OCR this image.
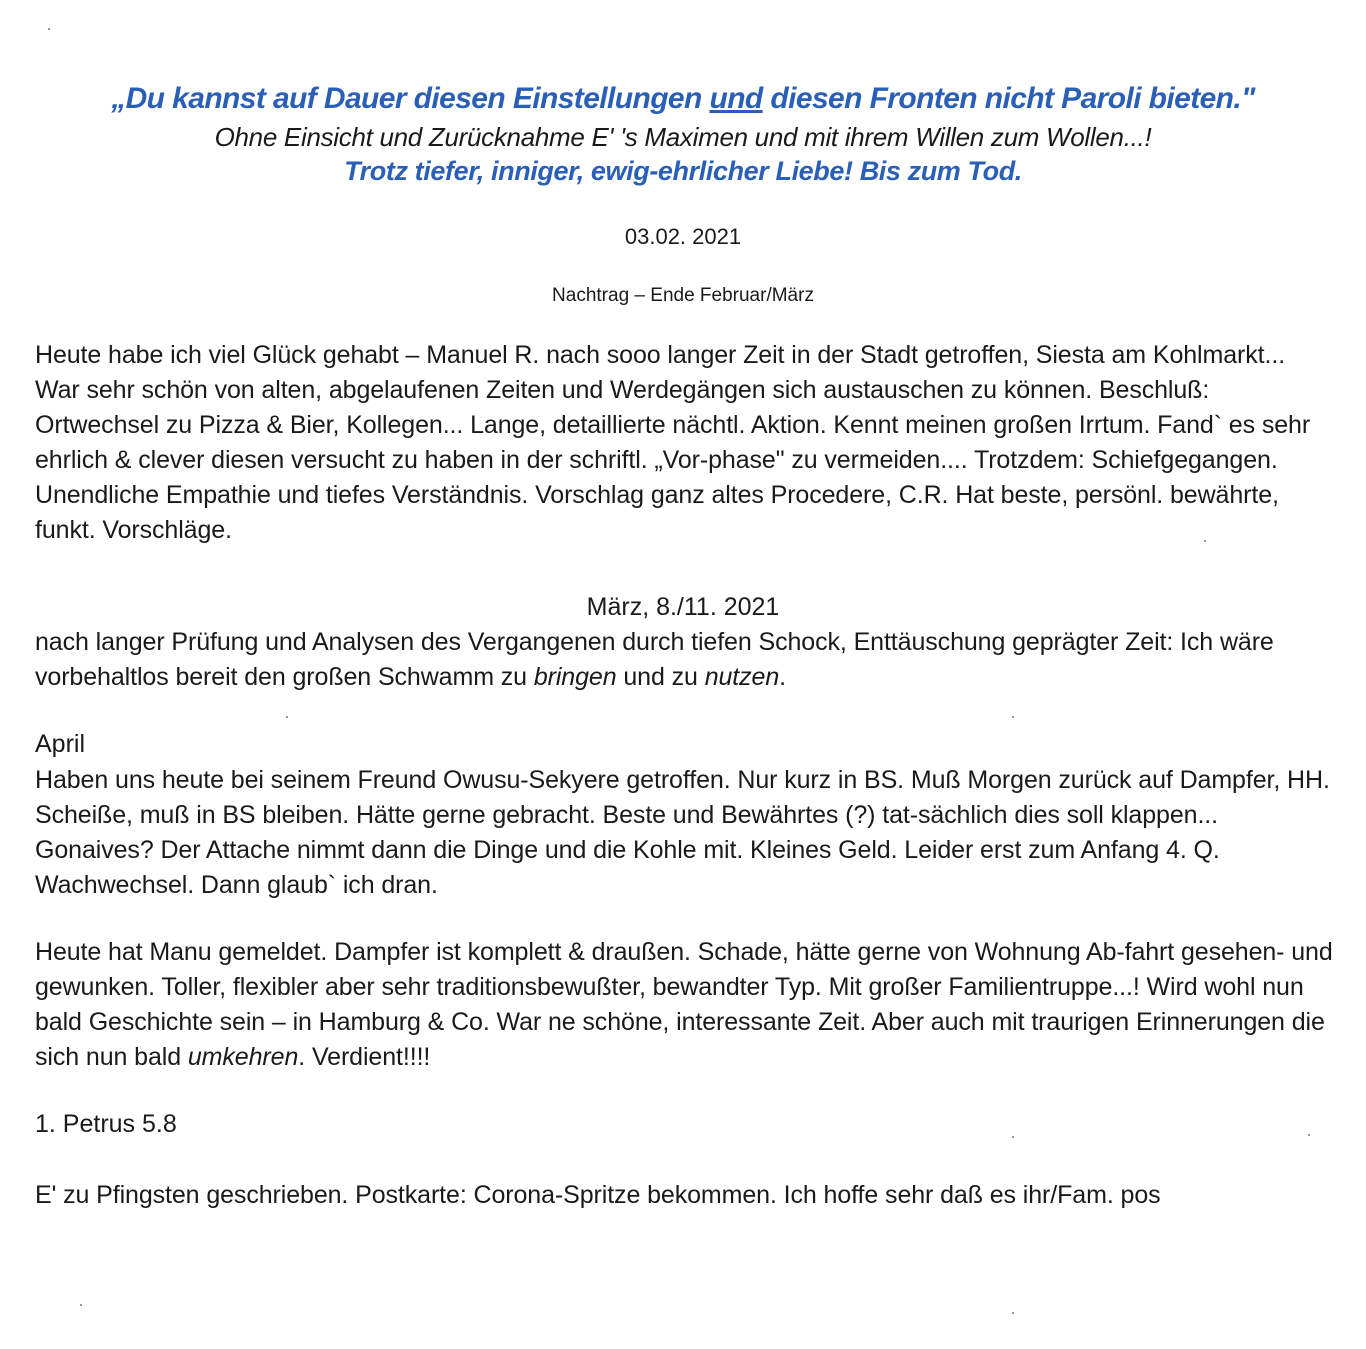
„Du kannst auf Dauer diesen Einstellungen und diesen Fronten nicht Paroli bieten."
Ohne Einsicht und Zurücknahme E' 's Maximen und mit ihrem Willen zum Wollen...!
Trotz tiefer, inniger, ewig-ehrlicher Liebe! Bis zum Tod.
03.02. 2021
Nachtrag – Ende Februar/März
Heute habe ich viel Glück gehabt – Manuel R. nach sooo langer Zeit in der Stadt getroffen, Siesta am Kohlmarkt... War sehr schön von alten, abgelaufenen Zeiten und Werdegängen sich austauschen zu können. Beschluß: Ortwechsel zu Pizza & Bier, Kollegen... Lange, detaillierte nächtl. Aktion. Kennt meinen großen Irrtum. Fand` es sehr ehrlich & clever diesen versucht zu haben in der schriftl. „Vor-phase" zu vermeiden.... Trotzdem: Schiefgegangen. Unendliche Empathie und tiefes Verständnis. Vorschlag ganz altes Procedere, C.R. Hat beste, persönl. bewährte, funkt. Vorschläge.
März, 8./11. 2021
nach langer Prüfung und Analysen des Vergangenen durch tiefen Schock, Enttäuschung geprägter Zeit: Ich wäre vorbehaltlos bereit den großen Schwamm zu bringen und zu nutzen.
April
Haben uns heute bei seinem Freund Owusu-Sekyere getroffen. Nur kurz in BS. Muß Morgen zurück auf Dampfer, HH. Scheiße, muß in BS bleiben. Hätte gerne gebracht. Beste und Bewährtes (?) tat-sächlich dies soll klappen... Gonaives? Der Attache nimmt dann die Dinge und die Kohle mit. Kleines Geld. Leider erst zum Anfang 4. Q. Wachwechsel. Dann glaub` ich dran.
Heute hat Manu gemeldet. Dampfer ist komplett & draußen. Schade, hätte gerne von Wohnung Ab-fahrt gesehen- und gewunken. Toller, flexibler aber sehr traditionsbewußter, bewandter Typ. Mit großer Familientruppe...! Wird wohl nun bald Geschichte sein – in Hamburg & Co. War ne schöne, interessante Zeit. Aber auch mit traurigen Erinnerungen die sich nun bald umkehren. Verdient!!!!
1. Petrus 5.8
E' zu Pfingsten geschrieben. Postkarte: Corona-Spritze bekommen. Ich hoffe sehr daß es ihr/Fam. pos
